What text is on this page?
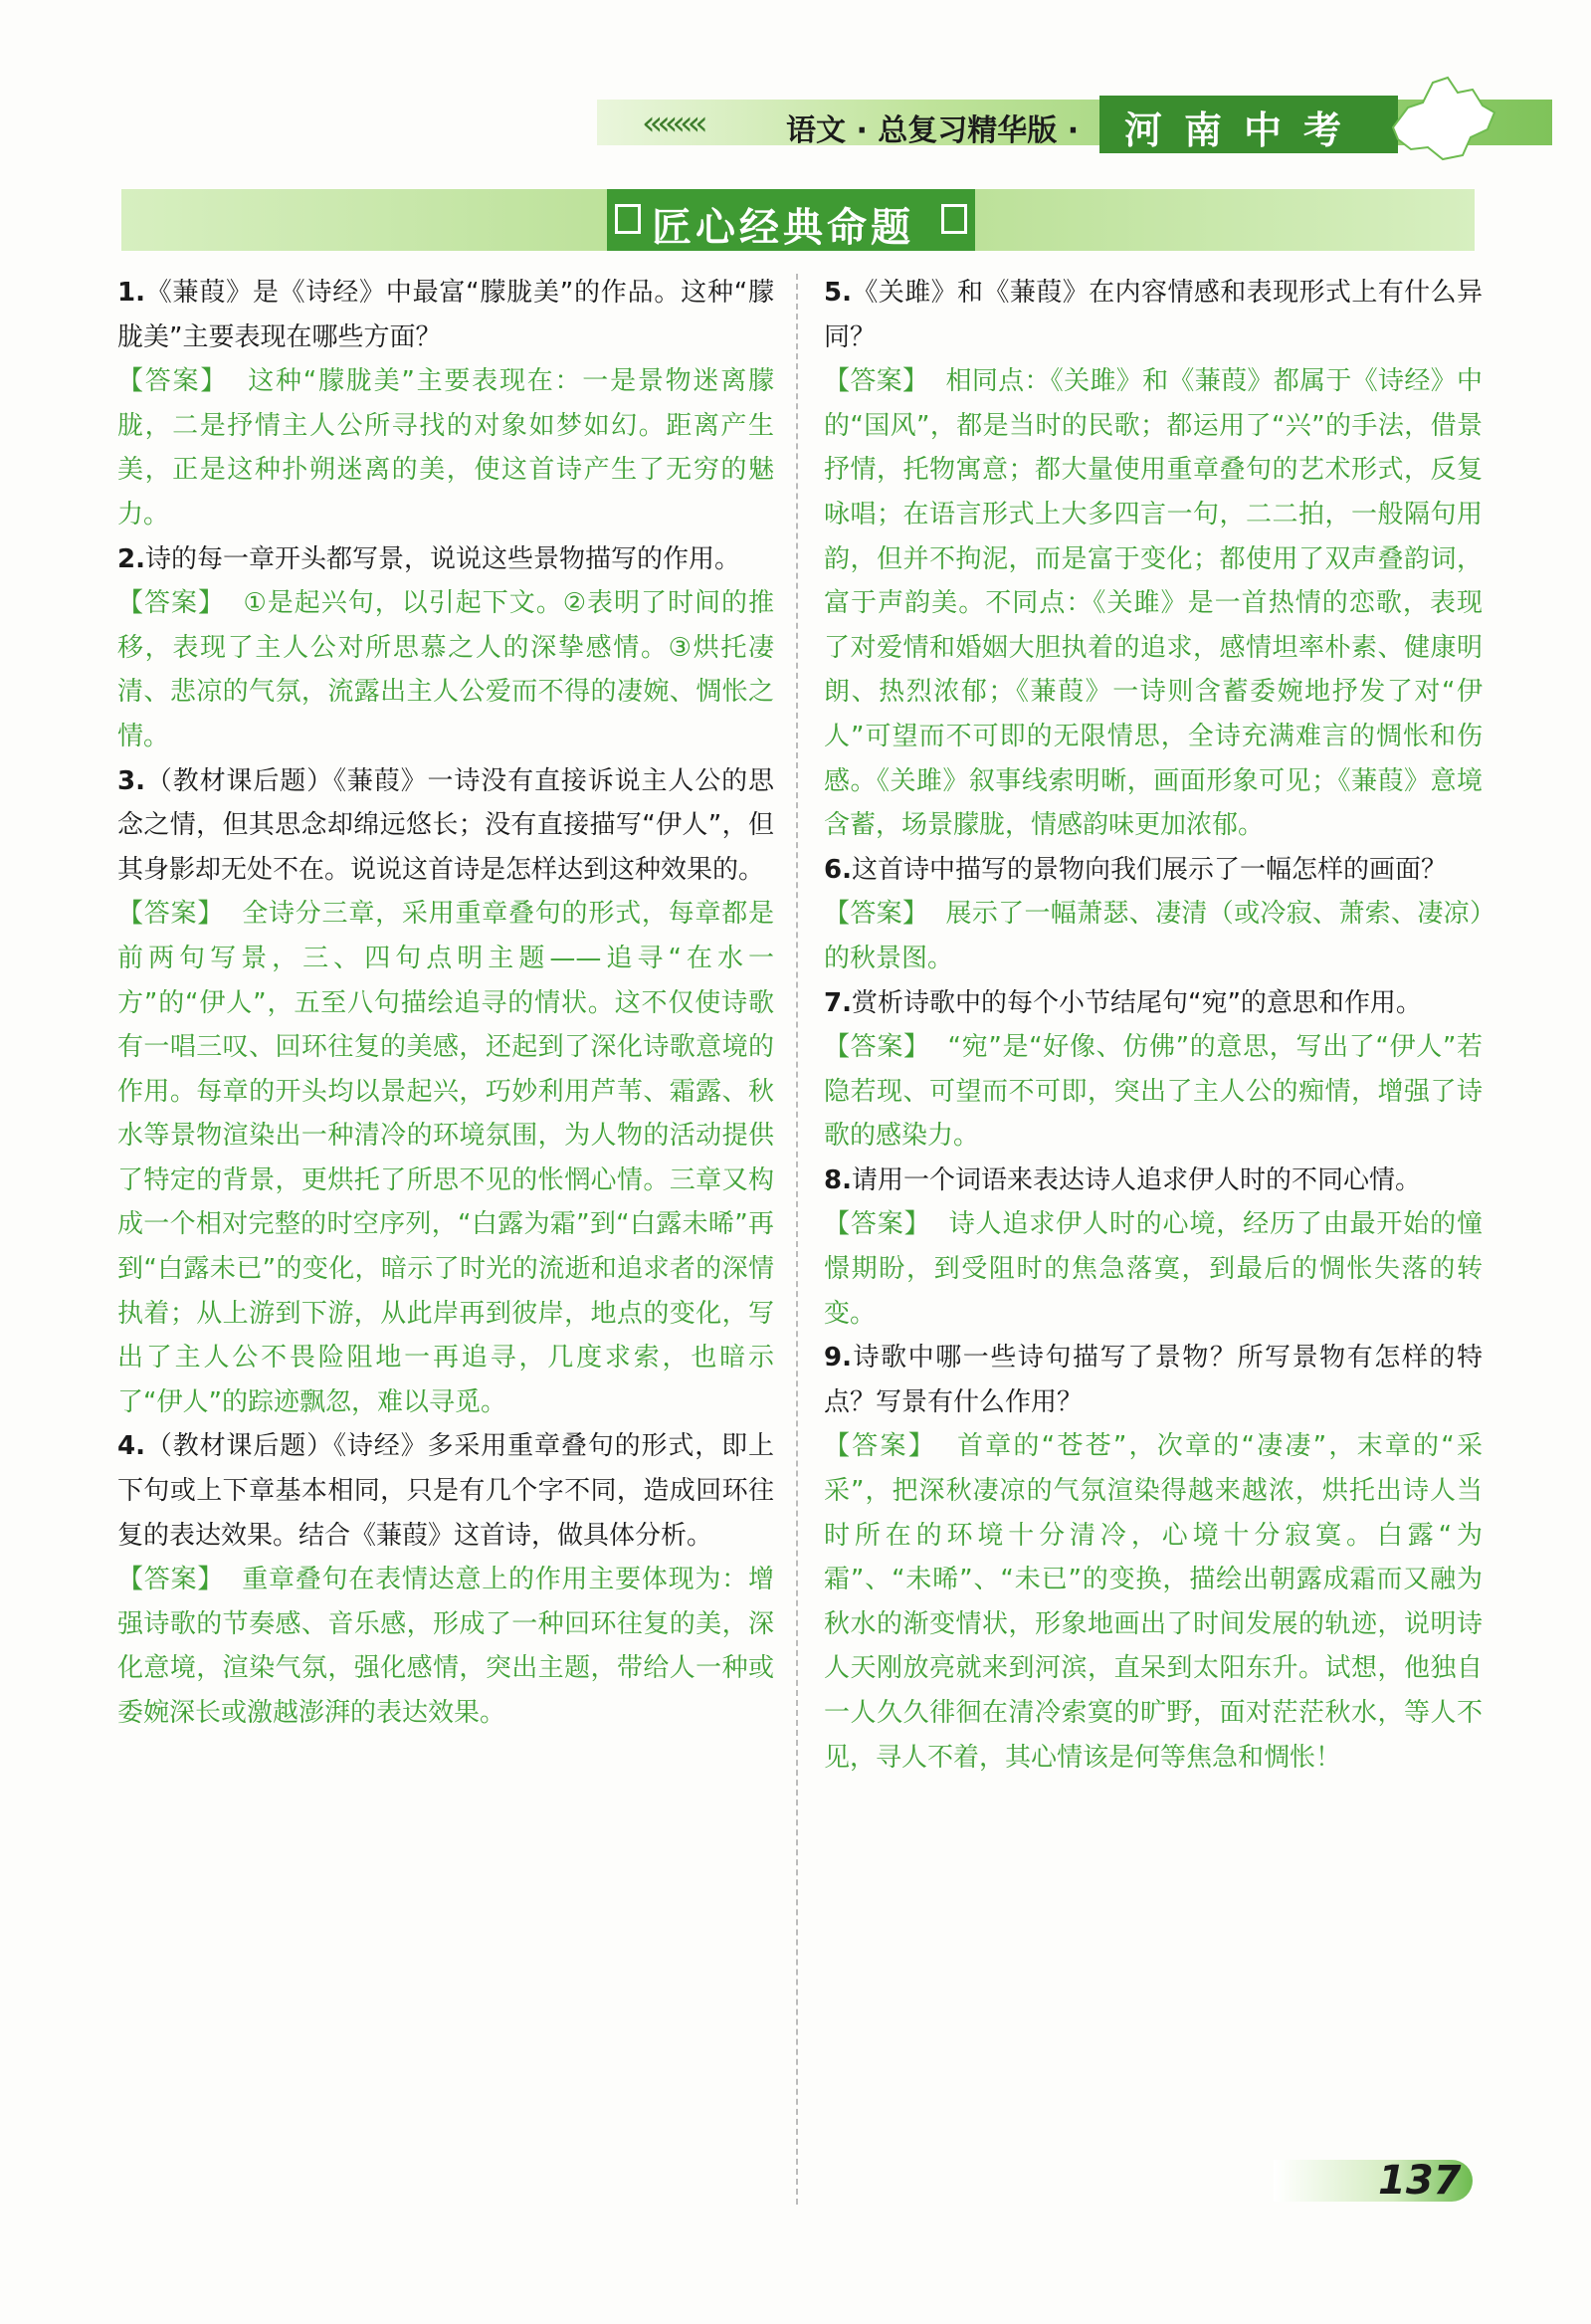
‹‹‹‹‹‹‹‹	语文 · 总复习精华版 · 河南中考
匠心经典命题

1.《蒹葭》是《诗经》中最富“朦胧美”的作品。这种“朦胧美”主要表现在哪些方面？

【答案】 这种“朦胧美”主要表现在：一是景物迷离朦胧，二是抒情主人公所寻找的对象如梦如幻。距离产生美，正是这种扑朔迷离的美，使这首诗产生了无穷的魅力。

2.诗的每一章开头都写景，说说这些景物描写的作用。

【答案】 ①是起兴句，以引起下文。②表明了时间的推移，表现了主人公对所思慕之人的深挚感情。③烘托凄清、悲凉的气氛，流露出主人公爱而不得的凄婉、惆怅之情。

3.（教材课后题）《蒹葭》一诗没有直接诉说主人公的思念之情，但其思念却绵远悠长；没有直接描写“伊人”，但其身影却无处不在。说说这首诗是怎样达到这种效果的。

【答案】 全诗分三章，采用重章叠句的形式，每章都是前两句写景，三、四句点明主题——追寻“在水一方”的“伊人”，五至八句描绘追寻的情状。这不仅使诗歌有一唱三叹、回环往复的美感，还起到了深化诗歌意境的作用。每章的开头均以景起兴，巧妙利用芦苇、霜露、秋水等景物渲染出一种清冷的环境氛围，为人物的活动提供了特定的背景，更烘托了所思不见的怅惘心情。三章又构成一个相对完整的时空序列，“白露为霜”到“白露未晞”再到“白露未已”的变化，暗示了时光的流逝和追求者的深情执着；从上游到下游，从此岸再到彼岸，地点的变化，写出了主人公不畏险阻地一再追寻，几度求索，也暗示了“伊人”的踪迹飘忽，难以寻觅。

4.（教材课后题）《诗经》多采用重章叠句的形式，即上下句或上下章基本相同，只是有几个字不同，造成回环往复的表达效果。结合《蒹葭》这首诗，做具体分析。

【答案】 重章叠句在表情达意上的作用主要体现为：增强诗歌的节奏感、音乐感，形成了一种回环往复的美，深化意境，渲染气氛，强化感情，突出主题，带给人一种或委婉深长或激越澎湃的表达效果。

5.《关雎》和《蒹葭》在内容情感和表现形式上有什么异同？

【答案】 相同点：《关雎》和《蒹葭》都属于《诗经》中的“国风”，都是当时的民歌；都运用了“兴”的手法，借景抒情，托物寓意；都大量使用重章叠句的艺术形式，反复咏唱；在语言形式上大多四言一句，二二拍，一般隔句用韵，但并不拘泥，而是富于变化；都使用了双声叠韵词，富于声韵美。不同点：《关雎》是一首热情的恋歌，表现了对爱情和婚姻大胆执着的追求，感情坦率朴素、健康明朗、热烈浓郁；《蒹葭》一诗则含蓄委婉地抒发了对“伊人”可望而不可即的无限情思，全诗充满难言的惆怅和伤感。《关雎》叙事线索明晰，画面形象可见；《蒹葭》意境含蓄，场景朦胧，情感韵味更加浓郁。

6.这首诗中描写的景物向我们展示了一幅怎样的画面？

【答案】 展示了一幅萧瑟、凄清（或冷寂、萧索、凄凉）的秋景图。

7.赏析诗歌中的每个小节结尾句“宛”的意思和作用。

【答案】 “宛”是“好像、仿佛”的意思，写出了“伊人”若隐若现、可望而不可即，突出了主人公的痴情，增强了诗歌的感染力。

8.请用一个词语来表达诗人追求伊人时的不同心情。

【答案】 诗人追求伊人时的心境，经历了由最开始的憧憬期盼，到受阻时的焦急落寞，到最后的惆怅失落的转变。

9.诗歌中哪一些诗句描写了景物？所写景物有怎样的特点？写景有什么作用？

【答案】 首章的“苍苍”，次章的“凄凄”，末章的“采采”，把深秋凄凉的气氛渲染得越来越浓，烘托出诗人当时所在的环境十分清冷，心境十分寂寞。白露“为霜”、“未晞”、“未已”的变换，描绘出朝露成霜而又融为秋水的渐变情状，形象地画出了时间发展的轨迹，说明诗人天刚放亮就来到河滨，直呆到太阳东升。试想，他独自一人久久徘徊在清冷索寞的旷野，面对茫茫秋水，等人不见，寻人不着，其心情该是何等焦急和惆怅！

137
